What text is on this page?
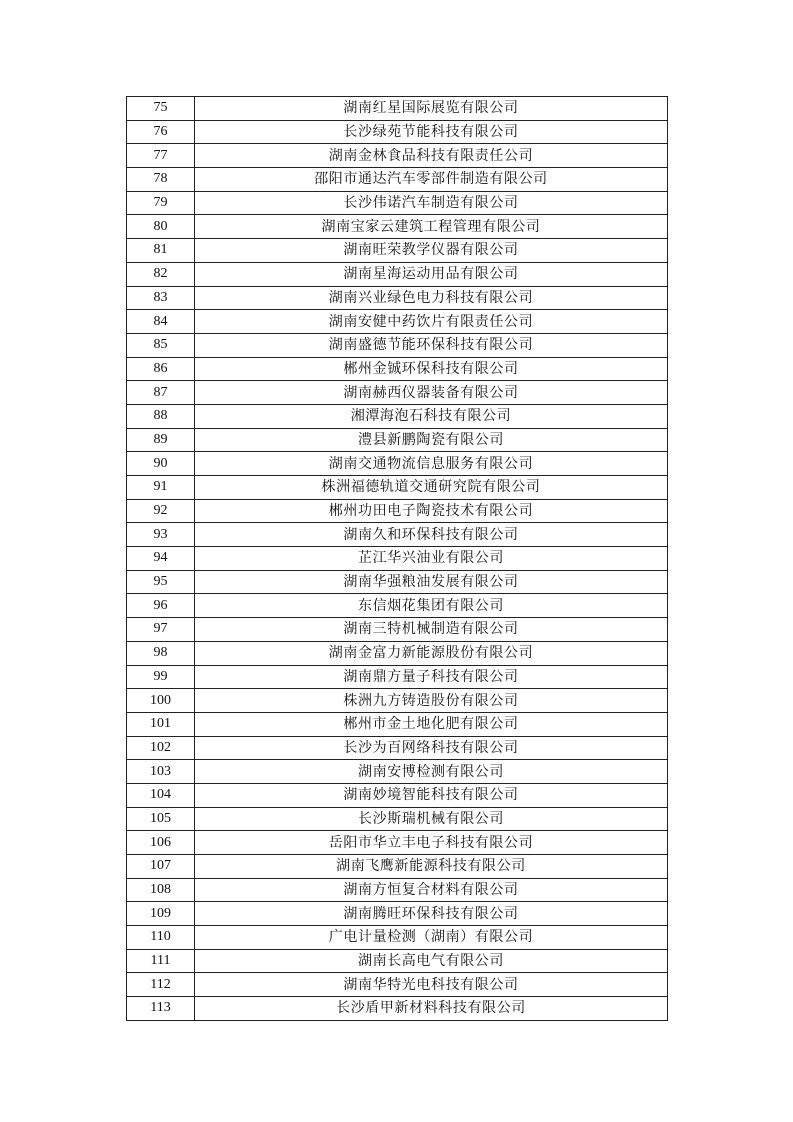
75	湖南红星国际展览有限公司
76	长沙绿苑节能科技有限公司
77	湖南金林食品科技有限责任公司
78	邵阳市通达汽车零部件制造有限公司
79	长沙伟诺汽车制造有限公司
80	湖南宝家云建筑工程管理有限公司
81	湖南旺荣教学仪器有限公司
82	湖南星海运动用品有限公司
83	湖南兴业绿色电力科技有限公司
84	湖南安健中药饮片有限责任公司
85	湖南盛德节能环保科技有限公司
86	郴州金铖环保科技有限公司
87	湖南赫西仪器装备有限公司
88	湘潭海泡石科技有限公司
89	澧县新鹏陶瓷有限公司
90	湖南交通物流信息服务有限公司
91	株洲福德轨道交通研究院有限公司
92	郴州功田电子陶瓷技术有限公司
93	湖南久和环保科技有限公司
94	芷江华兴油业有限公司
95	湖南华强粮油发展有限公司
96	东信烟花集团有限公司
97	湖南三特机械制造有限公司
98	湖南金富力新能源股份有限公司
99	湖南鼎方量子科技有限公司
100	株洲九方铸造股份有限公司
101	郴州市金土地化肥有限公司
102	长沙为百网络科技有限公司
103	湖南安博检测有限公司
104	湖南妙境智能科技有限公司
105	长沙斯瑞机械有限公司
106	岳阳市华立丰电子科技有限公司
107	湖南飞鹰新能源科技有限公司
108	湖南方恒复合材料有限公司
109	湖南腾旺环保科技有限公司
110	广电计量检测（湖南）有限公司
111	湖南长高电气有限公司
112	湖南华特光电科技有限公司
113	长沙盾甲新材料科技有限公司
